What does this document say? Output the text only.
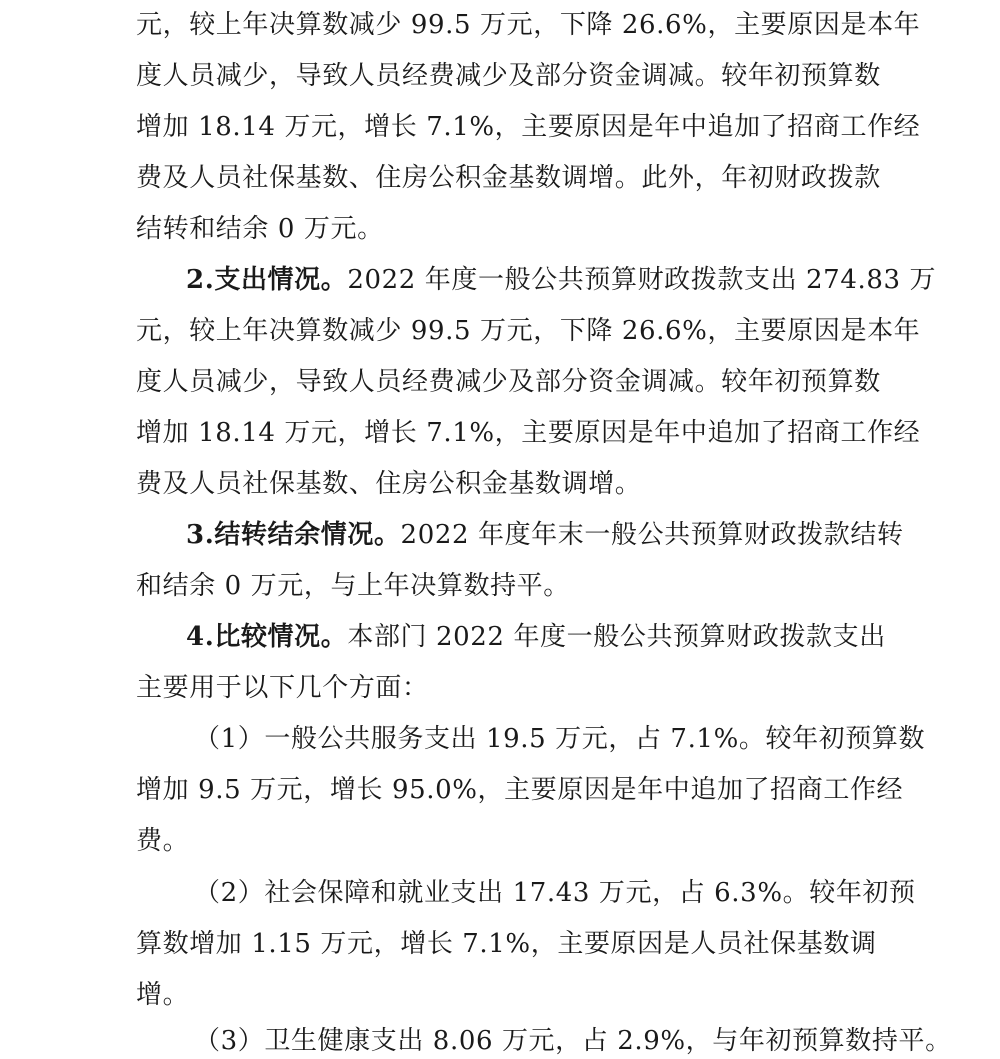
元，较上年决算数减少 99.5 万元，下降 26.6%，主要原因是本年
度人员减少，导致人员经费减少及部分资金调减。较年初预算数
增加 18.14 万元，增长 7.1%，主要原因是年中追加了招商工作经
费及人员社保基数、住房公积金基数调增。此外，年初财政拨款
结转和结余 0 万元。
2.支出情况。2022 年度一般公共预算财政拨款支出 274.83 万
元，较上年决算数减少 99.5 万元，下降 26.6%，主要原因是本年
度人员减少，导致人员经费减少及部分资金调减。较年初预算数
增加 18.14 万元，增长 7.1%，主要原因是年中追加了招商工作经
费及人员社保基数、住房公积金基数调增。
3.结转结余情况。2022 年度年末一般公共预算财政拨款结转
和结余 0 万元，与上年决算数持平。
4.比较情况。本部门 2022 年度一般公共预算财政拨款支出
主要用于以下几个方面：
（1）一般公共服务支出 19.5 万元，占 7.1%。较年初预算数
增加 9.5 万元，增长 95.0%，主要原因是年中追加了招商工作经
费。
（2）社会保障和就业支出 17.43 万元，占 6.3%。较年初预
算数增加 1.15 万元，增长 7.1%，主要原因是人员社保基数调
增。
（3）卫生健康支出 8.06 万元，占 2.9%，与年初预算数持平。
